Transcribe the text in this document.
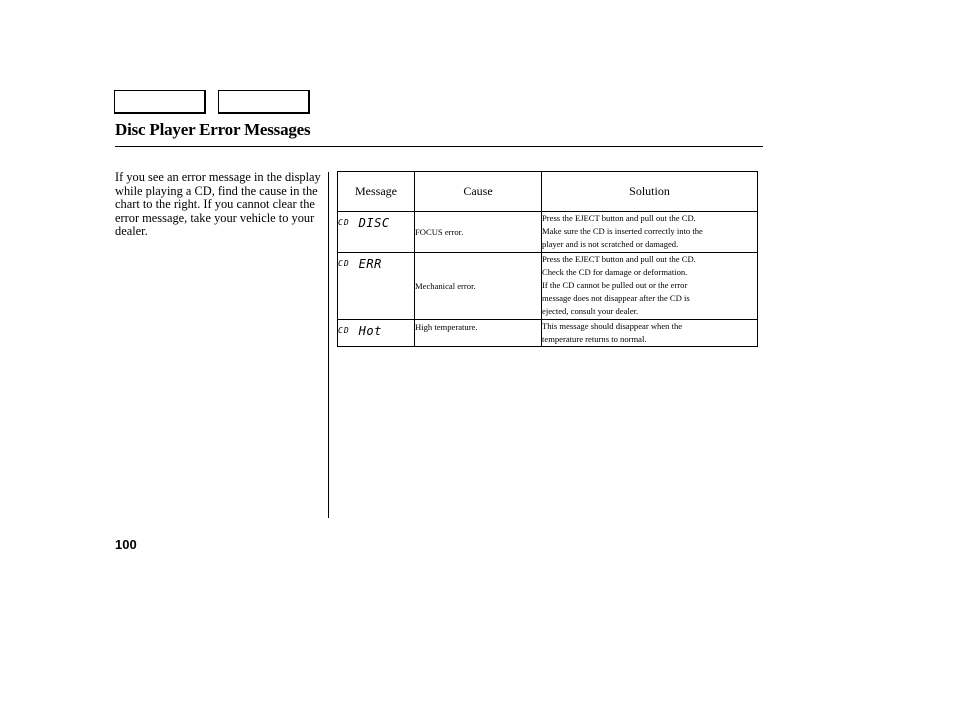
Disc Player Error Messages

If you see an error message in the display while playing a CD, find the cause in the chart to the right. If you cannot clear the error message, take your vehicle to your dealer.

Message	Cause	Solution

CD DISC	FOCUS error.	Press the EJECT button and pull out the CD.
Make sure the CD is inserted correctly into the
player and is not scratched or damaged.

CD ERR	Mechanical error.	Press the EJECT button and pull out the CD.
Check the CD for damage or deformation.
If the CD cannot be pulled out or the error
message does not disappear after the CD is
ejected, consult your dealer.

CD Hot	High temperature.	This message should disappear when the
temperature returns to normal.

100
